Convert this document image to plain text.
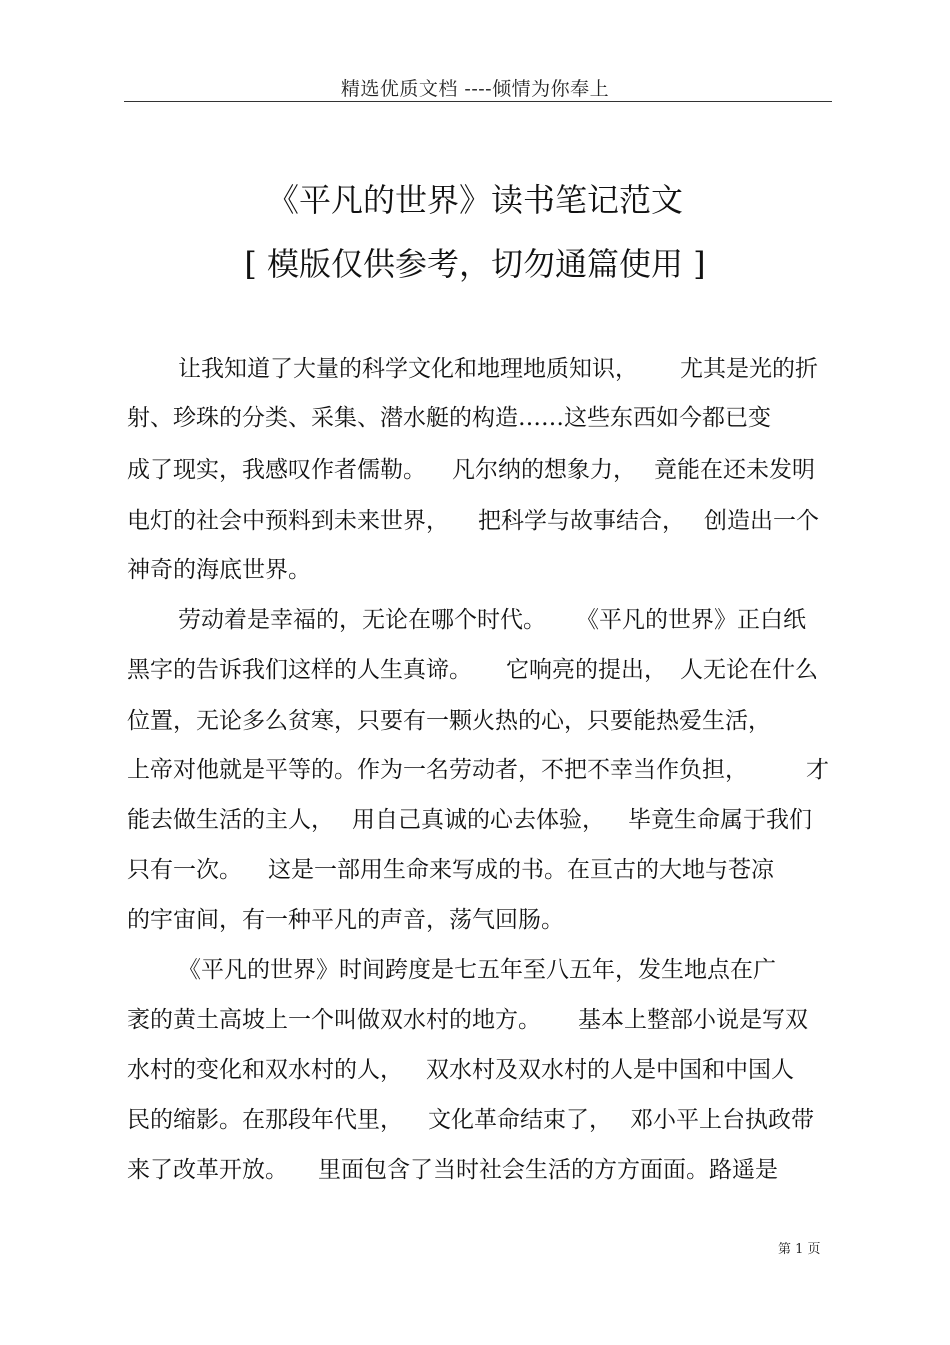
精选优质文档 ----倾情为你奉上
《平凡的世界》读书笔记范文
[ 模版仅供参考，切勿通篇使用 ]
让我知道了大量的科学文化和地理地质知识， 尤其是光的折
射、珍珠的分类、采集、潜水艇的构造……这些东西如今都已变
成了现实，我感叹作者儒勒。 凡尔纳的想象力， 竟能在还未发明
电灯的社会中预料到未来世界， 把科学与故事结合， 创造出一个
神奇的海底世界。
劳动着是幸福的，无论在哪个时代。 《平凡的世界》正白纸
黑字的告诉我们这样的人生真谛。 它响亮的提出， 人无论在什么
位置，无论多么贫寒，只要有一颗火热的心，只要能热爱生活，
上帝对他就是平等的。作为一名劳动者，不把不幸当作负担，	才
能去做生活的主人， 用自己真诚的心去体验， 毕竟生命属于我们
只有一次。 这是一部用生命来写成的书。在亘古的大地与苍凉
的宇宙间，有一种平凡的声音，荡气回肠。
《平凡的世界》时间跨度是七五年至八五年，发生地点在广
袤的黄土高坡上一个叫做双水村的地方。 基本上整部小说是写双
水村的变化和双水村的人， 双水村及双水村的人是中国和中国人
民的缩影。在那段年代里， 文化革命结束了， 邓小平上台执政带
来了改革开放。 里面包含了当时社会生活的方方面面。路遥是
第 1 页
